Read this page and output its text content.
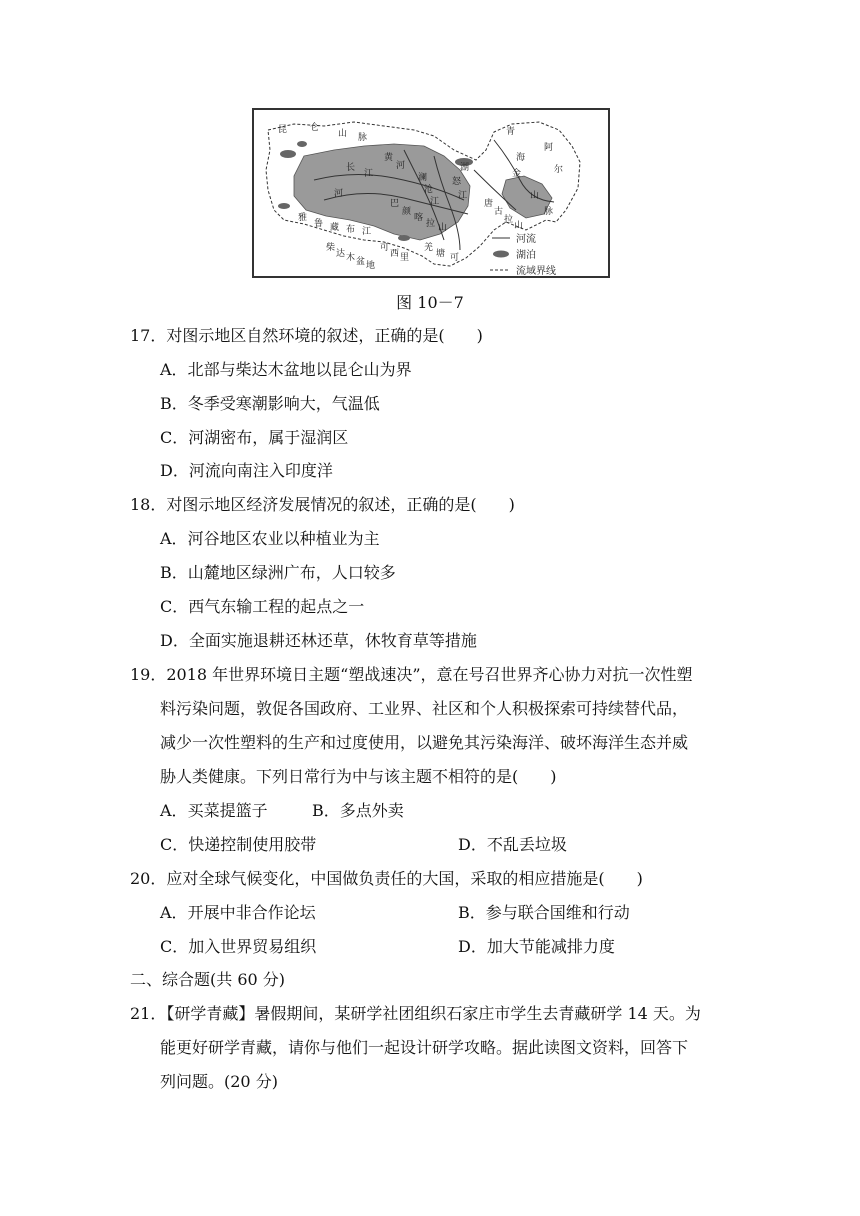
昆	仑
山 脉
长
江
河
黄
河
澜
沧
江
怒
江
雅
鲁 藏 布 江
青
海
湖
阿
尔
金
山
脉
巴
颜
喀
拉 山
唐
古
拉
山
羌
塘 可
可
西 里
柴
达 木 盆 地
河流
湖泊
流域界线
图 10－7
17．对图示地区自然环境的叙述，正确的是(　　)
A．北部与柴达木盆地以昆仑山为界
B．冬季受寒潮影响大，气温低
C．河湖密布，属于湿润区
D．河流向南注入印度洋
18．对图示地区经济发展情况的叙述，正确的是(　　)
A．河谷地区农业以种植业为主
B．山麓地区绿洲广布，人口较多
C．西气东输工程的起点之一
D．全面实施退耕还林还草，休牧育草等措施
19．2018 年世界环境日主题“塑战速决”，意在号召世界齐心协力对抗一次性塑
料污染问题，敦促各国政府、工业界、社区和个人积极探索可持续替代品，
减少一次性塑料的生产和过度使用，以避免其污染海洋、破坏海洋生态并威
胁人类健康。下列日常行为中与该主题不相符的是(　　)
A．买菜提篮子	B．多点外卖
C．快递控制使用胶带	D．不乱丢垃圾
20．应对全球气候变化，中国做负责任的大国，采取的相应措施是(　　)
A．开展中非合作论坛	B．参与联合国维和行动
C．加入世界贸易组织	D．加大节能减排力度
二、综合题(共 60 分)
21．【研学青藏】暑假期间，某研学社团组织石家庄市学生去青藏研学 14 天。为
能更好研学青藏，请你与他们一起设计研学攻略。据此读图文资料，回答下
列问题。(20 分)
